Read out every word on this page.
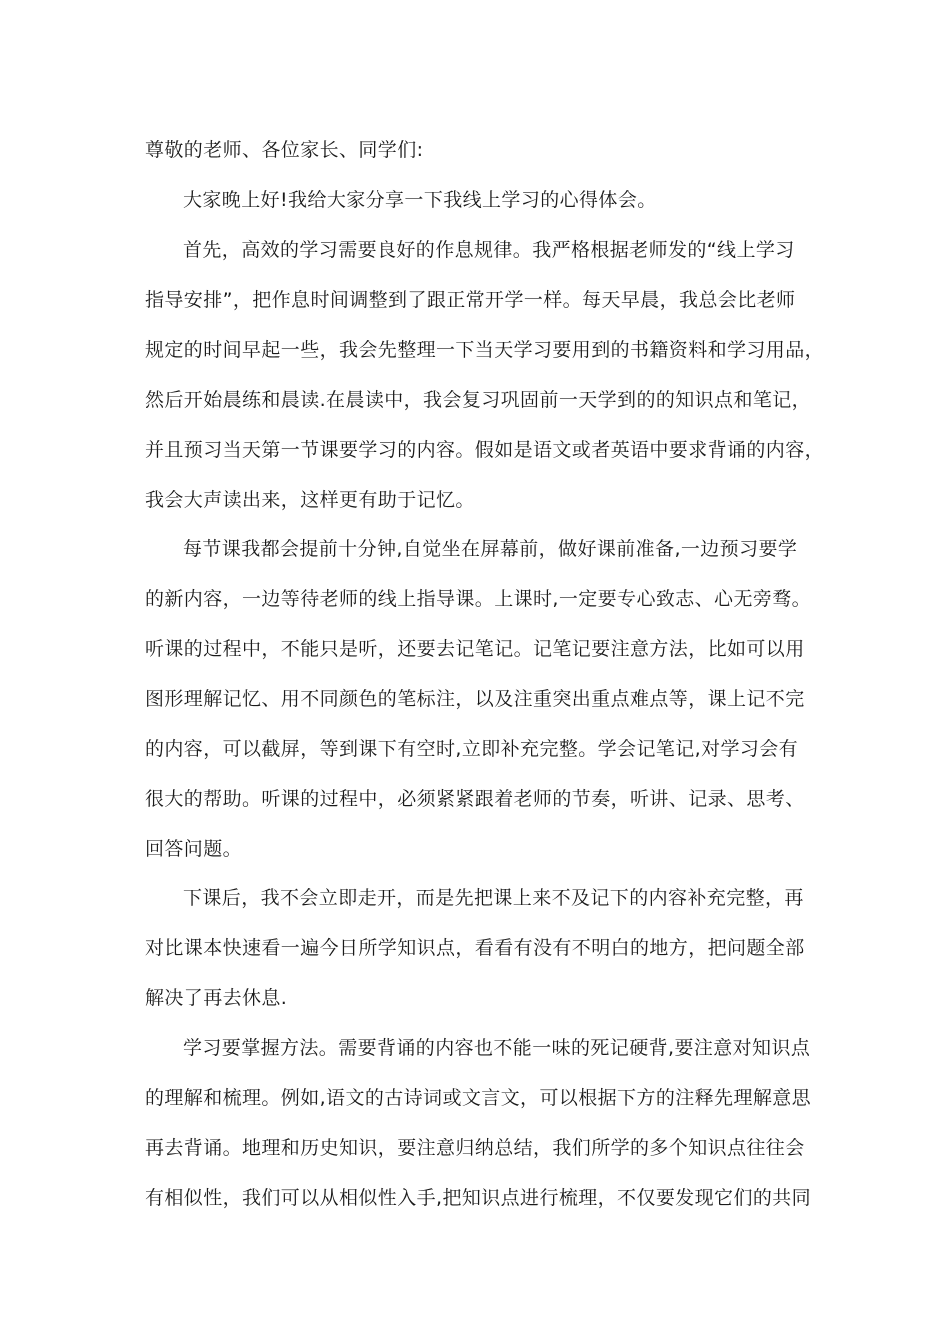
尊敬的老师、各位家长、同学们:

大家晚上好!我给大家分享一下我线上学习的心得体会。

首先，高效的学习需要良好的作息规律。我严格根据老师发的“线上学习

指导安排”，把作息时间调整到了跟正常开学一样。每天早晨，我总会比老师

规定的时间早起一些，我会先整理一下当天学习要用到的书籍资料和学习用品，

然后开始晨练和晨读.在晨读中，我会复习巩固前一天学到的的知识点和笔记，

并且预习当天第一节课要学习的内容。假如是语文或者英语中要求背诵的内容，

我会大声读出来，这样更有助于记忆。

每节课我都会提前十分钟,自觉坐在屏幕前，做好课前准备,一边预习要学

的新内容，一边等待老师的线上指导课。上课时,一定要专心致志、心无旁骛。

听课的过程中，不能只是听，还要去记笔记。记笔记要注意方法，比如可以用

图形理解记忆、用不同颜色的笔标注，以及注重突出重点难点等，课上记不完

的内容，可以截屏，等到课下有空时,立即补充完整。学会记笔记,对学习会有

很大的帮助。听课的过程中，必须紧紧跟着老师的节奏，听讲、记录、思考、

回答问题。

下课后，我不会立即走开，而是先把课上来不及记下的内容补充完整，再

对比课本快速看一遍今日所学知识点，看看有没有不明白的地方，把问题全部

解决了再去休息.

学习要掌握方法。需要背诵的内容也不能一味的死记硬背,要注意对知识点

的理解和梳理。例如,语文的古诗词或文言文，可以根据下方的注释先理解意思

再去背诵。地理和历史知识，要注意归纳总结，我们所学的多个知识点往往会

有相似性，我们可以从相似性入手,把知识点进行梳理，不仅要发现它们的共同
